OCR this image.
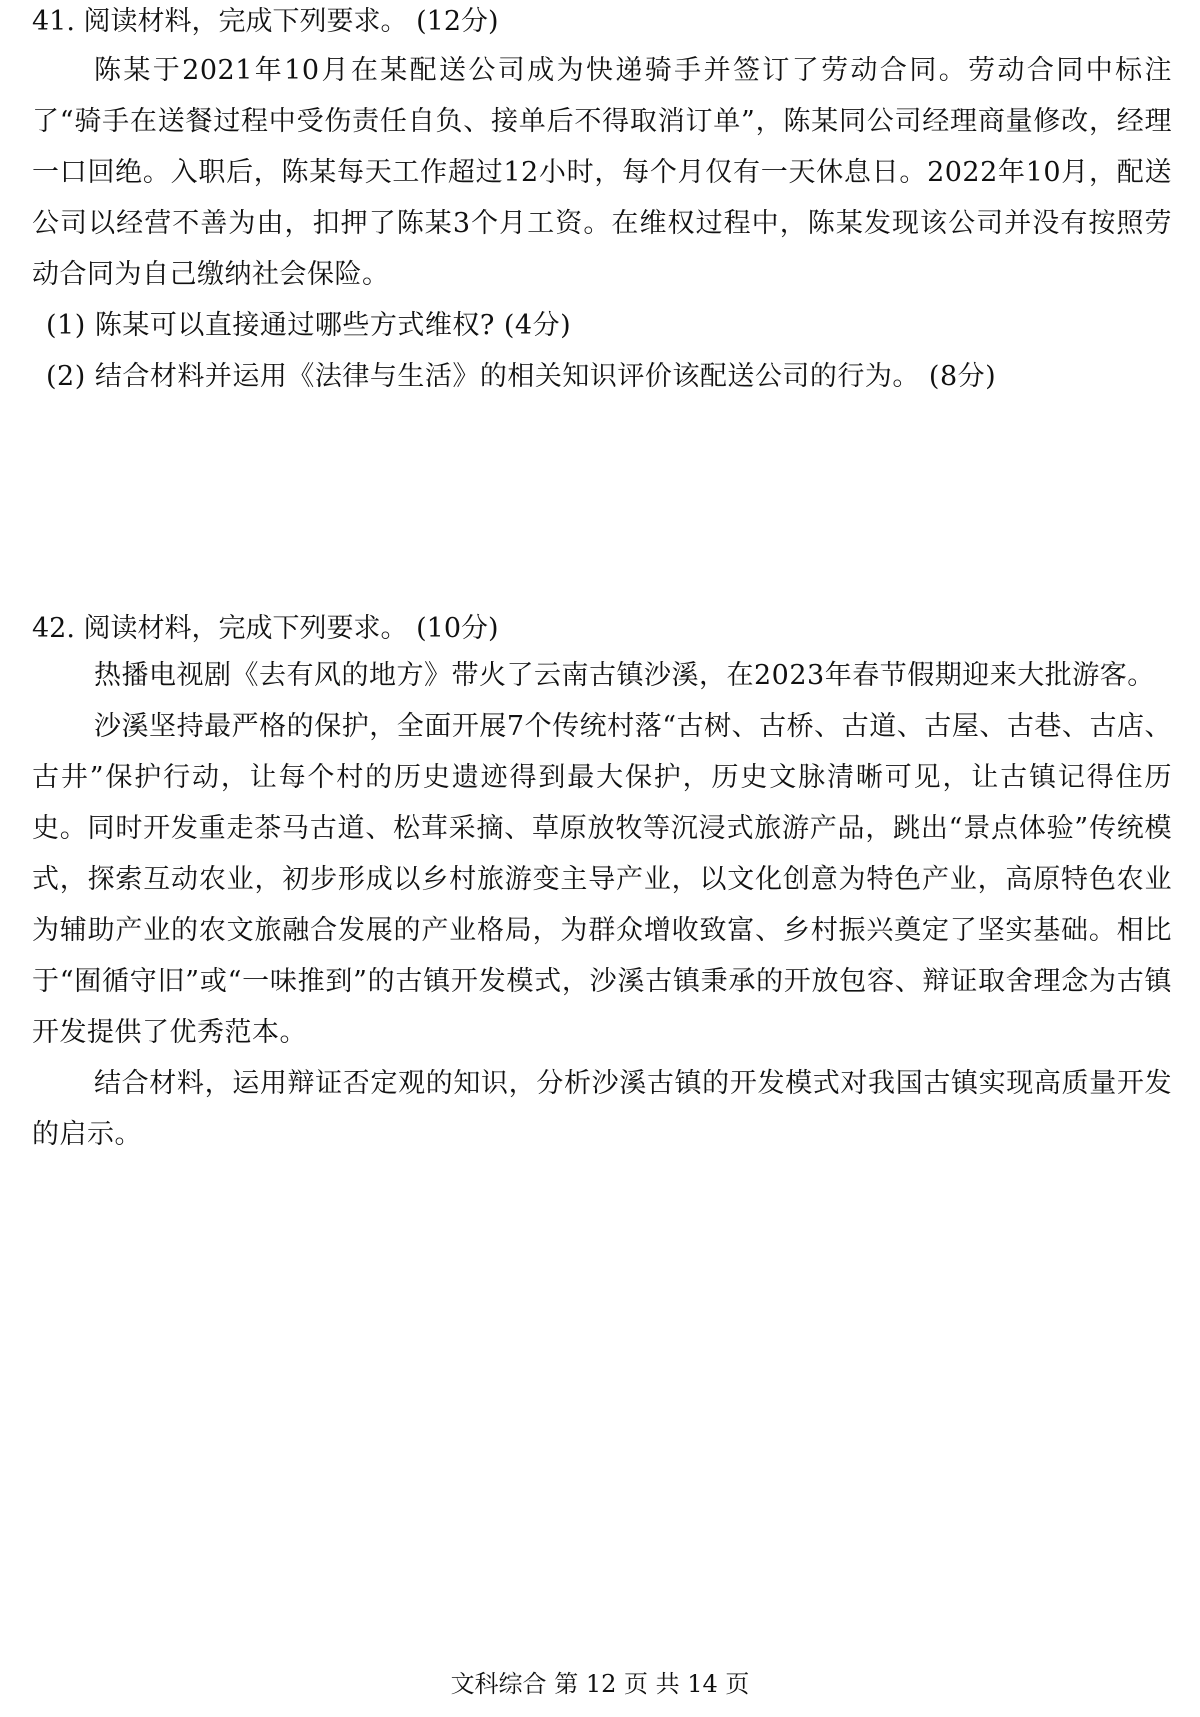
41. 阅读材料，完成下列要求。 (12分)

陈某于2021年10月在某配送公司成为快递骑手并签订了劳动合同。劳动合同中标注了“骑手在送餐过程中受伤责任自负、接单后不得取消订单”，陈某同公司经理商量修改，经理一口回绝。入职后，陈某每天工作超过12小时，每个月仅有一天休息日。2022年10月，配送公司以经营不善为由，扣押了陈某3个月工资。在维权过程中，陈某发现该公司并没有按照劳动合同为自己缴纳社会保险。

(1) 陈某可以直接通过哪些方式维权? (4分)

(2) 结合材料并运用《法律与生活》的相关知识评价该配送公司的行为。 (8分)

42. 阅读材料，完成下列要求。 (10分)

热播电视剧《去有风的地方》带火了云南古镇沙溪，在2023年春节假期迎来大批游客。

沙溪坚持最严格的保护，全面开展7个传统村落“古树、古桥、古道、古屋、古巷、古店、古井”保护行动，让每个村的历史遗迹得到最大保护，历史文脉清晰可见，让古镇记得住历史。同时开发重走茶马古道、松茸采摘、草原放牧等沉浸式旅游产品，跳出“景点体验”传统模式，探索互动农业，初步形成以乡村旅游变主导产业，以文化创意为特色产业，高原特色农业为辅助产业的农文旅融合发展的产业格局，为群众增收致富、乡村振兴奠定了坚实基础。相比于“囿循守旧”或“一味推到”的古镇开发模式，沙溪古镇秉承的开放包容、辩证取舍理念为古镇开发提供了优秀范本。

结合材料，运用辩证否定观的知识，分析沙溪古镇的开发模式对我国古镇实现高质量开发的启示。

文科综合 第 12 页 共 14 页
